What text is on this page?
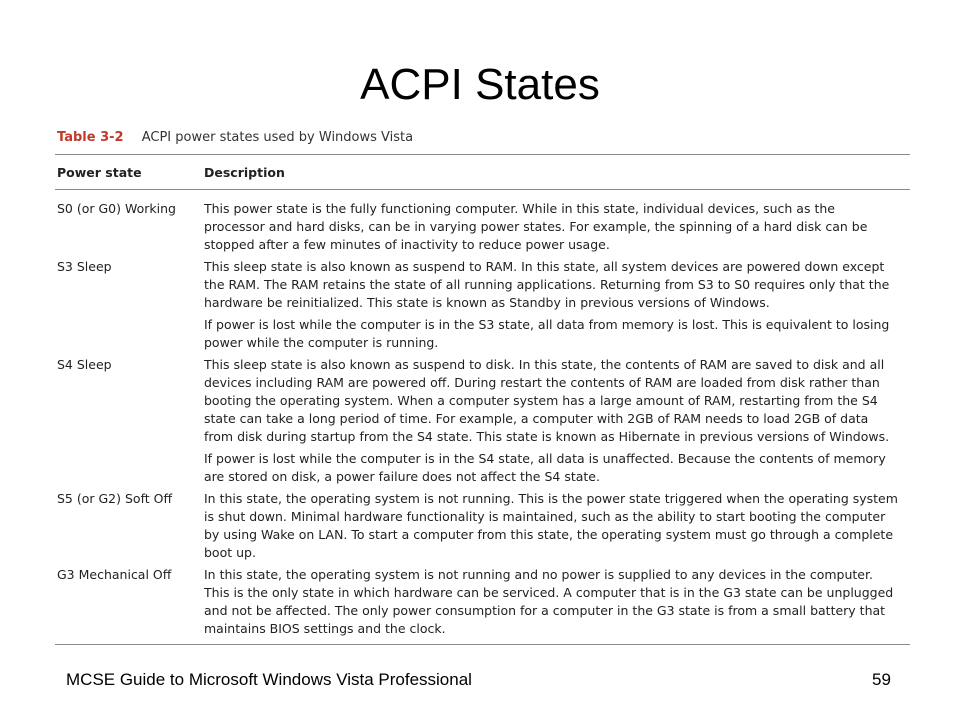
ACPI States
Table 3-2 ACPI power states used by Windows Vista
Power state	Description
S0 (or G0) Working	This power state is the fully functioning computer. While in this state, individual devices, such as the processor and hard disks, can be in varying power states. For example, the spinning of a hard disk can be stopped after a few minutes of inactivity to reduce power usage.
S3 Sleep	This sleep state is also known as suspend to RAM. In this state, all system devices are powered down except the RAM. The RAM retains the state of all running applications. Returning from S3 to S0 requires only that the hardware be reinitialized. This state is known as Standby in previous versions of Windows.
If power is lost while the computer is in the S3 state, all data from memory is lost. This is equivalent to losing power while the computer is running.
S4 Sleep	This sleep state is also known as suspend to disk. In this state, the contents of RAM are saved to disk and all devices including RAM are powered off. During restart the contents of RAM are loaded from disk rather than booting the operating system. When a computer system has a large amount of RAM, restarting from the S4 state can take a long period of time. For example, a computer with 2GB of RAM needs to load 2GB of data from disk during startup from the S4 state. This state is known as Hibernate in previous versions of Windows.
If power is lost while the computer is in the S4 state, all data is unaffected. Because the contents of memory are stored on disk, a power failure does not affect the S4 state.
S5 (or G2) Soft Off	In this state, the operating system is not running. This is the power state triggered when the operating system is shut down. Minimal hardware functionality is maintained, such as the ability to start booting the computer by using Wake on LAN. To start a computer from this state, the operating system must go through a complete boot up.
G3 Mechanical Off	In this state, the operating system is not running and no power is supplied to any devices in the computer. This is the only state in which hardware can be serviced. A computer that is in the G3 state can be unplugged and not be affected. The only power consumption for a computer in the G3 state is from a small battery that maintains BIOS settings and the clock.
MCSE Guide to Microsoft Windows Vista Professional	59
